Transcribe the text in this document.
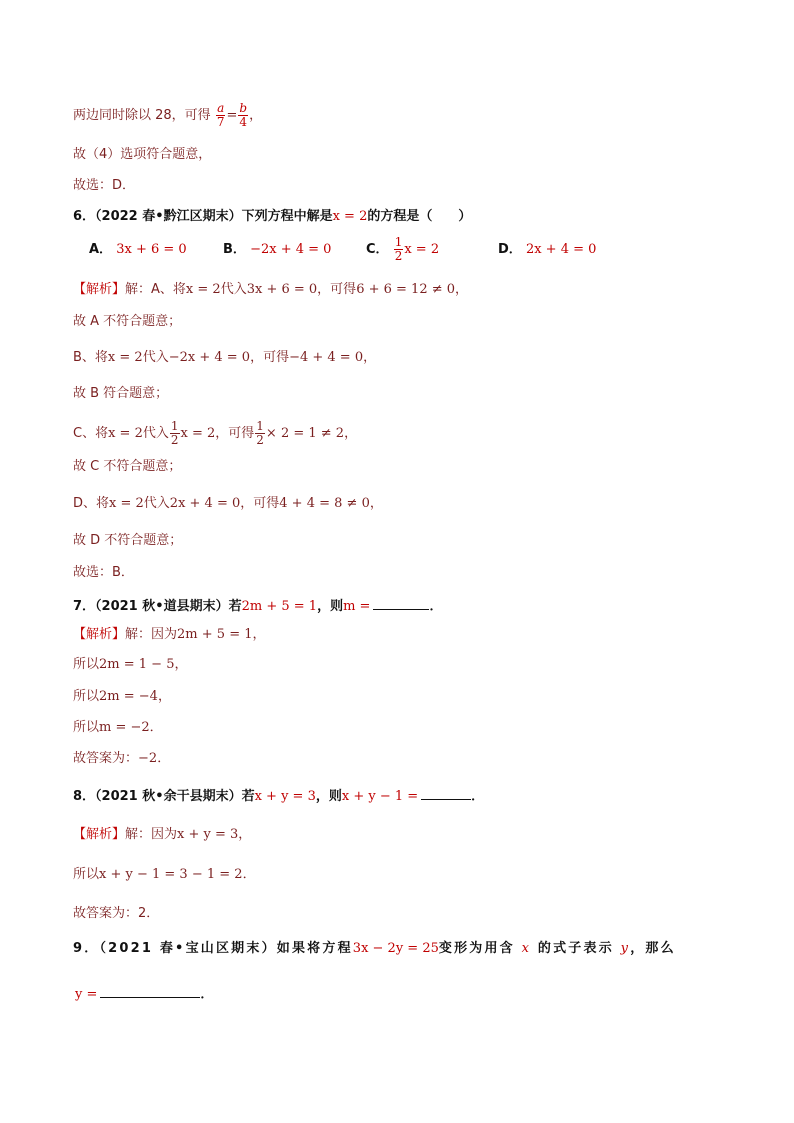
两边同时除以 28，可得 $\frac{a}{7} = \frac{b}{4}$ ，
故（4）选项符合题意，
故选：D．
6．（2022 春•黔江区期末）下列方程中解是x = 2的方程是（　　）
A． 3x + 6 = 0	B． −2x + 4 = 0	C． $\frac{1}{2}$ x = 2	D． 2x + 4 = 0
【解析】解：A、将x = 2代入3x + 6 = 0，可得6 + 6 = 12 ≠ 0，
故 A 不符合题意；
B、将x = 2代入−2x + 4 = 0，可得−4 + 4 = 0，
故 B 符合题意；
C、将x = 2代入 $\frac{1}{2}$ x = 2，可得 $\frac{1}{2} \times 2 = 1 \ne 2$，
故 C 不符合题意；
D、将x = 2代入2x + 4 = 0，可得4 + 4 = 8 ≠ 0，
故 D 不符合题意；
故选：B．
7．（2021 秋•道县期末）若2m + 5 = 1，则m =	．
【解析】解：因为2m + 5 = 1，
所以2m = 1 − 5，
所以2m = −4，
所以m = −2．
故答案为：−2．
8．（2021 秋•余干县期末）若x + y = 3，则x + y − 1 =	．
【解析】解：因为x + y = 3，
所以x + y − 1 = 3 − 1 = 2．
故答案为：2．
9．（2021 春•宝山区期末）如果将方程3x − 2y = 25变形为用含 x 的式子表示 y，那么
y =	．
